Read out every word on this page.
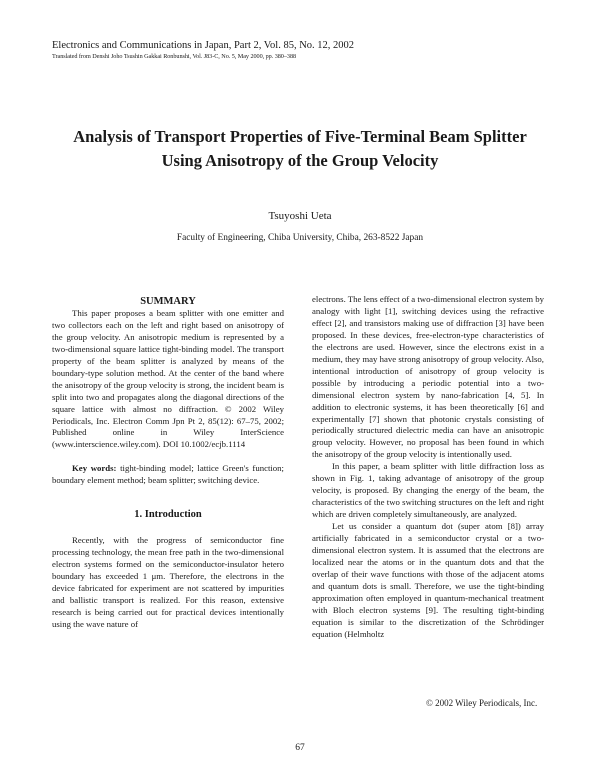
Electronics and Communications in Japan, Part 2, Vol. 85, No. 12, 2002
Translated from Denshi Joho Tsushin Gakkai Ronbunshi, Vol. J83-C, No. 5, May 2000, pp. 380–388
Analysis of Transport Properties of Five-Terminal Beam Splitter
Using Anisotropy of the Group Velocity
Tsuyoshi Ueta
Faculty of Engineering, Chiba University, Chiba, 263-8522 Japan

SUMMARY

This paper proposes a beam splitter with one emitter and two collectors each on the left and right based on anisotropy of the group velocity. An anisotropic medium is represented by a two-dimensional square lattice tight-binding model. The transport property of the beam splitter is analyzed by means of the boundary-type solution method. At the center of the band where the anisotropy of the group velocity is strong, the incident beam is split into two and propagates along the diagonal directions of the square lattice with almost no diffraction. © 2002 Wiley Periodicals, Inc. Electron Comm Jpn Pt 2, 85(12): 67–75, 2002; Published online in Wiley InterScience (www.interscience.wiley.com). DOI 10.1002/ecjb.1114

Key words: tight-binding model; lattice Green's function; boundary element method; beam splitter; switching device.

1. Introduction

Recently, with the progress of semiconductor fine processing technology, the mean free path in the two-dimensional electron systems formed on the semiconductor-insulator hetero boundary has exceeded 1 μm. Therefore, the electrons in the device fabricated for experiment are not scattered by impurities and ballistic transport is realized. For this reason, extensive research is being carried out for practical devices intentionally using the wave nature of

electrons. The lens effect of a two-dimensional electron system by analogy with light [1], switching devices using the refractive effect [2], and transistors making use of diffraction [3] have been proposed. In these devices, free-electron-type characteristics of the electrons are used. However, since the electrons exist in a medium, they may have strong anisotropy of group velocity. Also, intentional introduction of anisotropy of group velocity is possible by introducing a periodic potential into a two-dimensional electron system by nano-fabrication [4, 5]. In addition to electronic systems, it has been theoretically [6] and experimentally [7] shown that photonic crystals consisting of periodically structured dielectric media can have an anisotropic group velocity. However, no proposal has been found in which the anisotropy of the group velocity is intentionally used.

In this paper, a beam splitter with little diffraction loss as shown in Fig. 1, taking advantage of anisotropy of the group velocity, is proposed. By changing the energy of the beam, the characteristics of the two switching structures on the left and right which are driven completely simultaneously, are analyzed.

Let us consider a quantum dot (super atom [8]) array artificially fabricated in a semiconductor crystal or a two-dimensional electron system. It is assumed that the electrons are localized near the atoms or in the quantum dots and that the overlap of their wave functions with those of the adjacent atoms and quantum dots is small. Therefore, we use the tight-binding approximation often employed in quantum-mechanical treatment with Bloch electron systems [9]. The resulting tight-binding equation is similar to the discretization of the Schrödinger equation (Helmholtz

© 2002 Wiley Periodicals, Inc.
67
